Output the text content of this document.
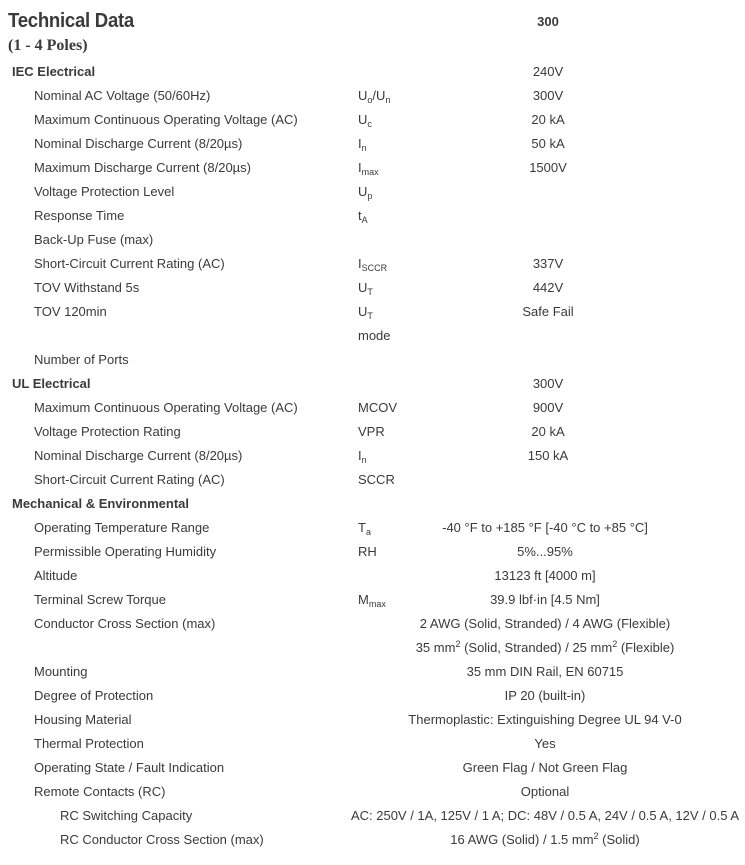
Technical Data
(1 - 4 Poles)
300
IEC Electrical	240V
Nominal AC Voltage (50/60Hz)	$U_o/U_n$	300V
Maximum Continuous Operating Voltage (AC)	$U_c$	20 kA
Nominal Discharge Current (8/20µs)	$I_n$	50 kA
Maximum Discharge Current (8/20µs)	$I_{max}$	1500V
Voltage Protection Level	$U_p$
Response Time	$t_A$
Back-Up Fuse (max)
Short-Circuit Current Rating (AC)	$I_{SCCR}$	337V
TOV Withstand 5s	$U_T$	442V
TOV 120min	$U_T$	Safe Fail
mode
Number of Ports
UL Electrical	300V
Maximum Continuous Operating Voltage (AC)	MCOV	900V
Voltage Protection Rating	VPR	20 kA
Nominal Discharge Current (8/20µs)	$I_n$	150 kA
Short-Circuit Current Rating (AC)	SCCR
Mechanical & Environmental
Operating Temperature Range	$T_a$	-40 °F to +185 °F [-40 °C to +85 °C]
Permissible Operating Humidity	RH	5%...95%
Altitude	13123 ft [4000 m]
Terminal Screw Torque	$M_{max}$	39.9 lbf·in [4.5 Nm]
Conductor Cross Section (max)	2 AWG (Solid, Stranded) / 4 AWG (Flexible)
35 $mm^2$ (Solid, Stranded) / 25 $mm^2$ (Flexible)
Mounting	35 mm DIN Rail, EN 60715
Degree of Protection	IP 20 (built-in)
Housing Material	Thermoplastic: Extinguishing Degree UL 94 V-0
Thermal Protection	Yes
Operating State / Fault Indication	Green Flag / Not Green Flag
Remote Contacts (RC)	Optional
RC Switching Capacity	AC: 250V / 1A, 125V / 1 A; DC: 48V / 0.5 A, 24V / 0.5 A, 12V / 0.5 A
RC Conductor Cross Section (max)	16 AWG (Solid) / 1.5 $mm^2$ (Solid)
